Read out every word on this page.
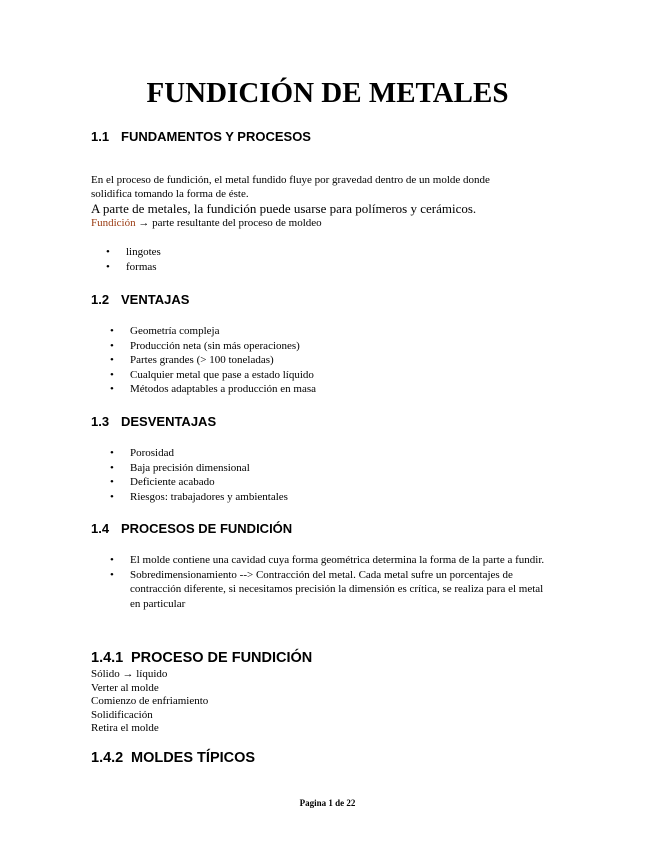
FUNDICIÓN DE METALES
1.1 FUNDAMENTOS Y PROCESOS
En el proceso de fundición, el metal fundido fluye por gravedad dentro de un molde donde
solidifica tomando la forma de éste.
A parte de metales, la fundición puede usarse para polímeros y cerámicos.
Fundición → parte resultante del proceso de moldeo
• lingotes
• formas
1.2 VENTAJAS
• Geometría compleja
• Producción neta (sin más operaciones)
• Partes grandes (> 100 toneladas)
• Cualquier metal que pase a estado líquido
• Métodos adaptables a producción en masa
1.3 DESVENTAJAS
• Porosidad
• Baja precisión dimensional
• Deficiente acabado
• Riesgos: trabajadores y ambientales
1.4 PROCESOS DE FUNDICIÓN
• El molde contiene una cavidad cuya forma geométrica determina la forma de la parte a fundir.
• Sobredimensionamiento --> Contracción del metal. Cada metal sufre un porcentajes de contracción diferente, si necesitamos precisión la dimensión es crítica, se realiza para el metal en particular
1.4.1 PROCESO DE FUNDICIÓN
Sólido → líquido
Verter al molde
Comienzo de enfriamiento
Solidificación
Retira el molde
1.4.2 MOLDES TÍPICOS
Pagina 1 de 22
